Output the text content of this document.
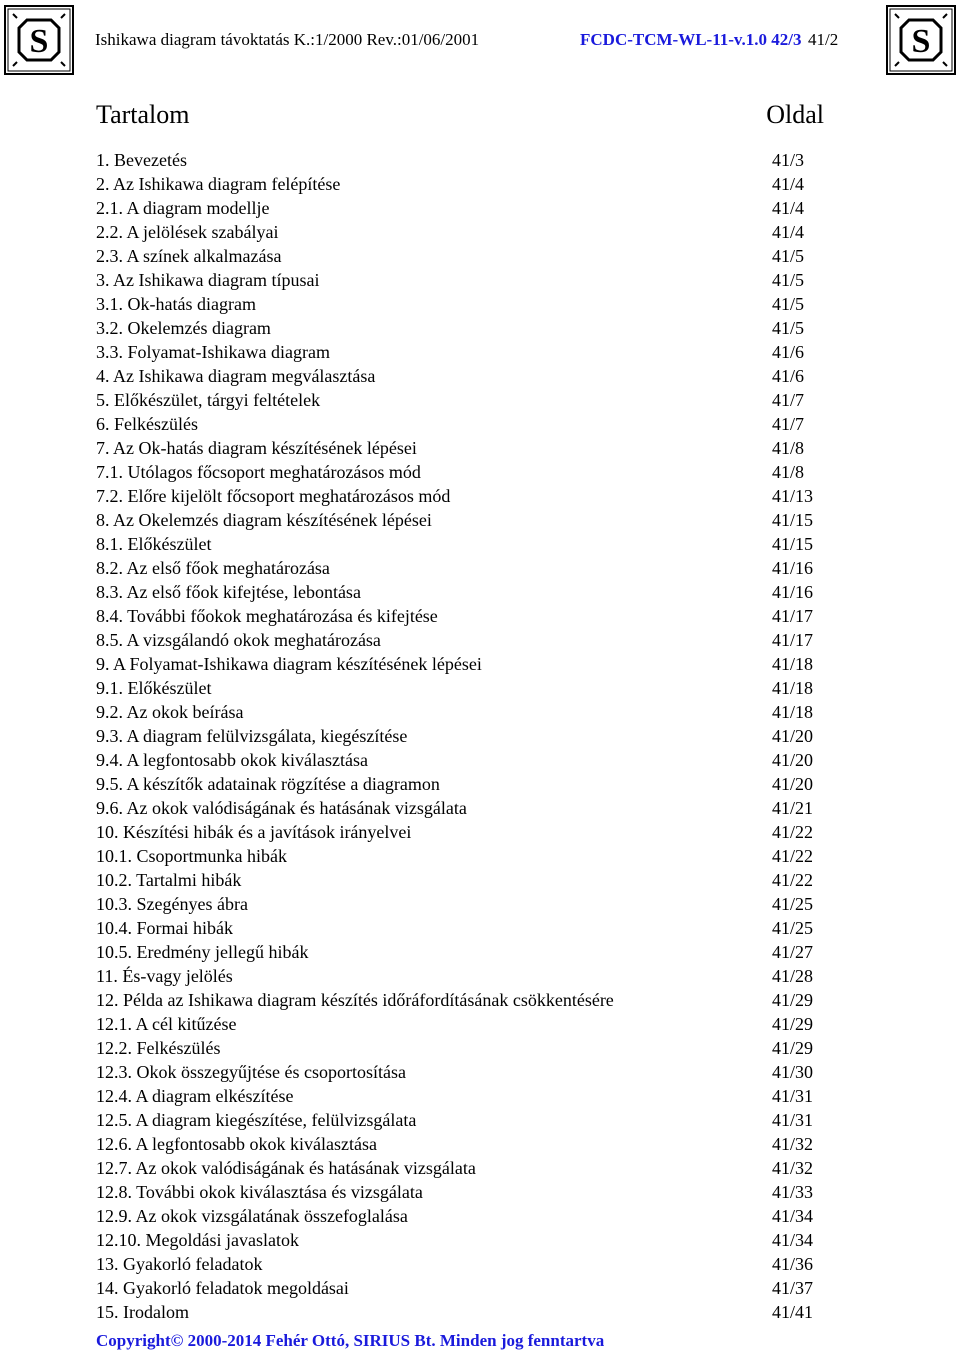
S	S
Ishikawa diagram távoktatás K.:1/2000 Rev.:01/06/2001	FCDC-TCM-WL-11-v.1.0 42/3 41/2
Tartalom	Oldal
1. Bevezetés	41/3
2. Az Ishikawa diagram felépítése	41/4
2.1. A diagram modellje	41/4
2.2. A jelölések szabályai	41/4
2.3. A színek alkalmazása	41/5
3. Az Ishikawa diagram típusai	41/5
3.1. Ok-hatás diagram	41/5
3.2. Okelemzés diagram	41/5
3.3. Folyamat-Ishikawa diagram	41/6
4. Az Ishikawa diagram megválasztása	41/6
5. Előkészület, tárgyi feltételek	41/7
6. Felkészülés	41/7
7. Az Ok-hatás diagram készítésének lépései	41/8
7.1. Utólagos főcsoport meghatározásos mód	41/8
7.2. Előre kijelölt főcsoport meghatározásos mód	41/13
8. Az Okelemzés diagram készítésének lépései	41/15
8.1. Előkészület	41/15
8.2. Az első főok meghatározása	41/16
8.3. Az első főok kifejtése, lebontása	41/16
8.4. További főokok meghatározása és kifejtése	41/17
8.5. A vizsgálandó okok meghatározása	41/17
9. A Folyamat-Ishikawa diagram készítésének lépései	41/18
9.1. Előkészület	41/18
9.2. Az okok beírása	41/18
9.3. A diagram felülvizsgálata, kiegészítése	41/20
9.4. A legfontosabb okok kiválasztása	41/20
9.5. A készítők adatainak rögzítése a diagramon	41/20
9.6. Az okok valódiságának és hatásának vizsgálata	41/21
10. Készítési hibák és a javítások irányelvei	41/22
10.1. Csoportmunka hibák	41/22
10.2. Tartalmi hibák	41/22
10.3. Szegényes ábra	41/25
10.4. Formai hibák	41/25
10.5. Eredmény jellegű hibák	41/27
11. És-vagy jelölés	41/28
12. Példa az Ishikawa diagram készítés időráfordításának csökkentésére	41/29
12.1. A cél kitűzése	41/29
12.2. Felkészülés	41/29
12.3. Okok összegyűjtése és csoportosítása	41/30
12.4. A diagram elkészítése	41/31
12.5. A diagram kiegészítése, felülvizsgálata	41/31
12.6. A legfontosabb okok kiválasztása	41/32
12.7. Az okok valódiságának és hatásának vizsgálata	41/32
12.8. További okok kiválasztása és vizsgálata	41/33
12.9. Az okok vizsgálatának összefoglalása	41/34
12.10. Megoldási javaslatok	41/34
13. Gyakorló feladatok	41/36
14. Gyakorló feladatok megoldásai	41/37
15. Irodalom	41/41
Copyright© 2000-2014 Fehér Ottó, SIRIUS Bt. Minden jog fenntartva
